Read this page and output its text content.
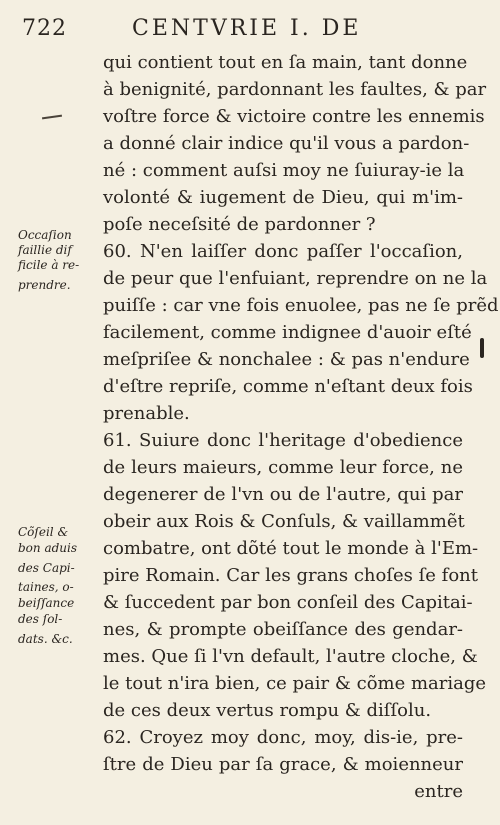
722	CENTVRIE I. DE
qui contient tout en ſa main, tant donne
à benignité, pardonnant les faultes, & par
voſtre force & victoire contre les ennemis
a donné clair indice qu'il vous a pardon-
né : comment auſsi moy ne ſuiuray-ie la
volonté & iugement de Dieu, qui m'im-
poſe neceſsité de pardonner ?
60. N'en laiſſer donc paſſer l'occaſion,
de peur que l'enfuiant, reprendre on ne la
puiſſe : car vne fois enuolee, pas ne ſe prẽd
facilement, comme indignee d'auoir eſté
meſpriſee & nonchalee : & pas n'endure
d'eſtre repriſe, comme n'eſtant deux fois
prenable.
61. Suiure donc l'heritage d'obedience
de leurs maieurs, comme leur force, ne
degenerer de l'vn ou de l'autre, qui par
obeir aux Rois & Conſuls, & vaillammẽt
combatre, ont dõté tout le monde à l'Em-
pire Romain. Car les grans choſes ſe font
& ſuccedent par bon conſeil des Capitai-
nes, & prompte obeiſſance des gendar-
mes. Que ſi l'vn default, l'autre cloche, &
le tout n'ira bien, ce pair & cõme mariage
de ces deux vertus rompu & diſſolu.
62. Croyez moy donc, moy, dis-ie, pre-
ſtre de Dieu par ſa grace, & moienneur
entre
Occaſion
faillie dif
ficile à re-
prendre.
Cõſeil &
bon aduis
des Capi-
taines, o-
beiſſance
des ſol-
dats. &c.
